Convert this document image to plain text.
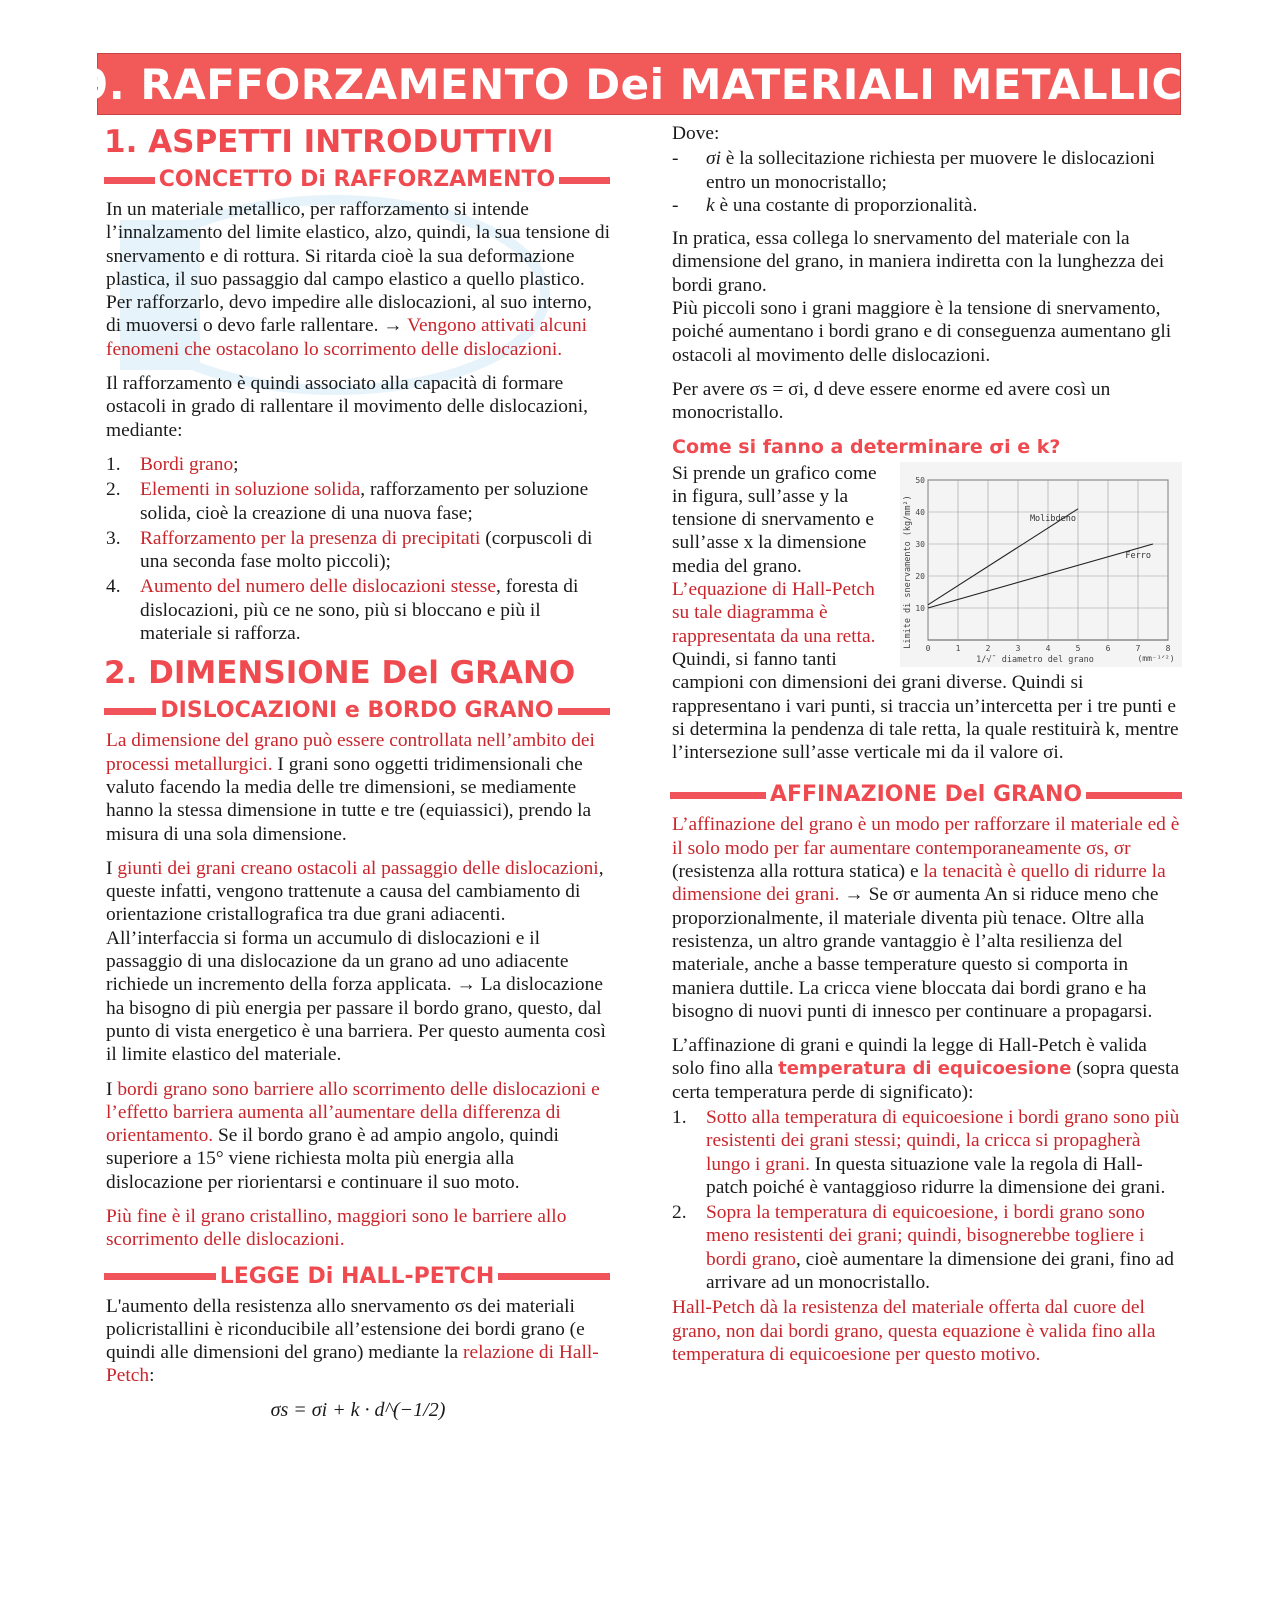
9. RAFFORZAMENTO Dei MATERIALI METALLICI
1. ASPETTI INTRODUTTIVI
CONCETTO Di RAFFORZAMENTO

In un materiale metallico, per rafforzamento si intende l’innalzamento del limite elastico, alzo, quindi, la sua tensione di snervamento e di rottura. Si ritarda cioè la sua deformazione plastica, il suo passaggio dal campo elastico a quello plastico. Per rafforzarlo, devo impedire alle dislocazioni, al suo interno, di muoversi o devo farle rallentare. → Vengono attivati alcuni fenomeni che ostacolano lo scorrimento delle dislocazioni.

Il rafforzamento è quindi associato alla capacità di formare ostacoli in grado di rallentare il movimento delle dislocazioni, mediante:

1. Bordi grano;
2. Elementi in soluzione solida, rafforzamento per soluzione solida, cioè la creazione di una nuova fase;
3. Rafforzamento per la presenza di precipitati (corpuscoli di una seconda fase molto piccoli);
4. Aumento del numero delle dislocazioni stesse, foresta di dislocazioni, più ce ne sono, più si bloccano e più il materiale si rafforza.
2. DIMENSIONE Del GRANO
DISLOCAZIONI e BORDO GRANO

La dimensione del grano può essere controllata nell’ambito dei processi metallurgici. I grani sono oggetti tridimensionali che valuto facendo la media delle tre dimensioni, se mediamente hanno la stessa dimensione in tutte e tre (equiassici), prendo la misura di una sola dimensione.

I giunti dei grani creano ostacoli al passaggio delle dislocazioni, queste infatti, vengono trattenute a causa del cambiamento di orientazione cristallografica tra due grani adiacenti. All’interfaccia si forma un accumulo di dislocazioni e il passaggio di una dislocazione da un grano ad uno adiacente richiede un incremento della forza applicata. → La dislocazione ha bisogno di più energia per passare il bordo grano, questo, dal punto di vista energetico è una barriera. Per questo aumenta così il limite elastico del materiale.

I bordi grano sono barriere allo scorrimento delle dislocazioni e l’effetto barriera aumenta all’aumentare della differenza di orientamento. Se il bordo grano è ad ampio angolo, quindi superiore a 15° viene richiesta molta più energia alla dislocazione per riorientarsi e continuare il suo moto.

Più fine è il grano cristallino, maggiori sono le barriere allo scorrimento delle dislocazioni.

LEGGE Di HALL-PETCH

L'aumento della resistenza allo snervamento σs dei materiali policristallini è riconducibile all’estensione dei bordi grano (e quindi alle dimensioni del grano) mediante la relazione di Hall-Petch:

σs = σi + k · d^(−1/2)

Dove:

- σi è la sollecitazione richiesta per muovere le dislocazioni entro un monocristallo;
- k è una costante di proporzionalità.

In pratica, essa collega lo snervamento del materiale con la dimensione del grano, in maniera indiretta con la lunghezza dei bordi grano.

Più piccoli sono i grani maggiore è la tensione di snervamento, poiché aumentano i bordi grano e di conseguenza aumentano gli ostacoli al movimento delle dislocazioni.

Per avere σs = σi, d deve essere enorme ed avere così un monocristallo.

Come si fanno a determinare σi e k?
0	1	2	3	4	5	6	7	8
10
20
30
40
50
Molibdeno
Ferro
Limite di snervamento (kg/mm²)
1/√¯ diametro del grano	(mm⁻¹ᐟ²)

Si prende un grafico come in figura, sull’asse y la tensione di snervamento e sull’asse x la dimensione media del grano. L’equazione di Hall-Petch su tale diagramma è rappresentata da una retta. Quindi, si fanno tanti campioni con dimensioni dei grani diverse. Quindi si rappresentano i vari punti, si traccia un’intercetta per i tre punti e si determina la pendenza di tale retta, la quale restituirà k, mentre l’intersezione sull’asse verticale mi da il valore σi.

AFFINAZIONE Del GRANO

L’affinazione del grano è un modo per rafforzare il materiale ed è il solo modo per far aumentare contemporaneamente σs, σr (resistenza alla rottura statica) e la tenacità è quello di ridurre la dimensione dei grani. → Se σr aumenta An si riduce meno che proporzionalmente, il materiale diventa più tenace. Oltre alla resistenza, un altro grande vantaggio è l’alta resilienza del materiale, anche a basse temperature questo si comporta in maniera duttile. La cricca viene bloccata dai bordi grano e ha bisogno di nuovi punti di innesco per continuare a propagarsi.

L’affinazione di grani e quindi la legge di Hall-Petch è valida solo fino alla temperatura di equicoesione (sopra questa certa temperatura perde di significato):

1. Sotto alla temperatura di equicoesione i bordi grano sono più resistenti dei grani stessi; quindi, la cricca si propagherà lungo i grani. In questa situazione vale la regola di Hall-patch poiché è vantaggioso ridurre la dimensione dei grani.
2. Sopra la temperatura di equicoesione, i bordi grano sono meno resistenti dei grani; quindi, bisognerebbe togliere i bordi grano, cioè aumentare la dimensione dei grani, fino ad arrivare ad un monocristallo.

Hall-Petch dà la resistenza del materiale offerta dal cuore del grano, non dai bordi grano, questa equazione è valida fino alla temperatura di equicoesione per questo motivo.
